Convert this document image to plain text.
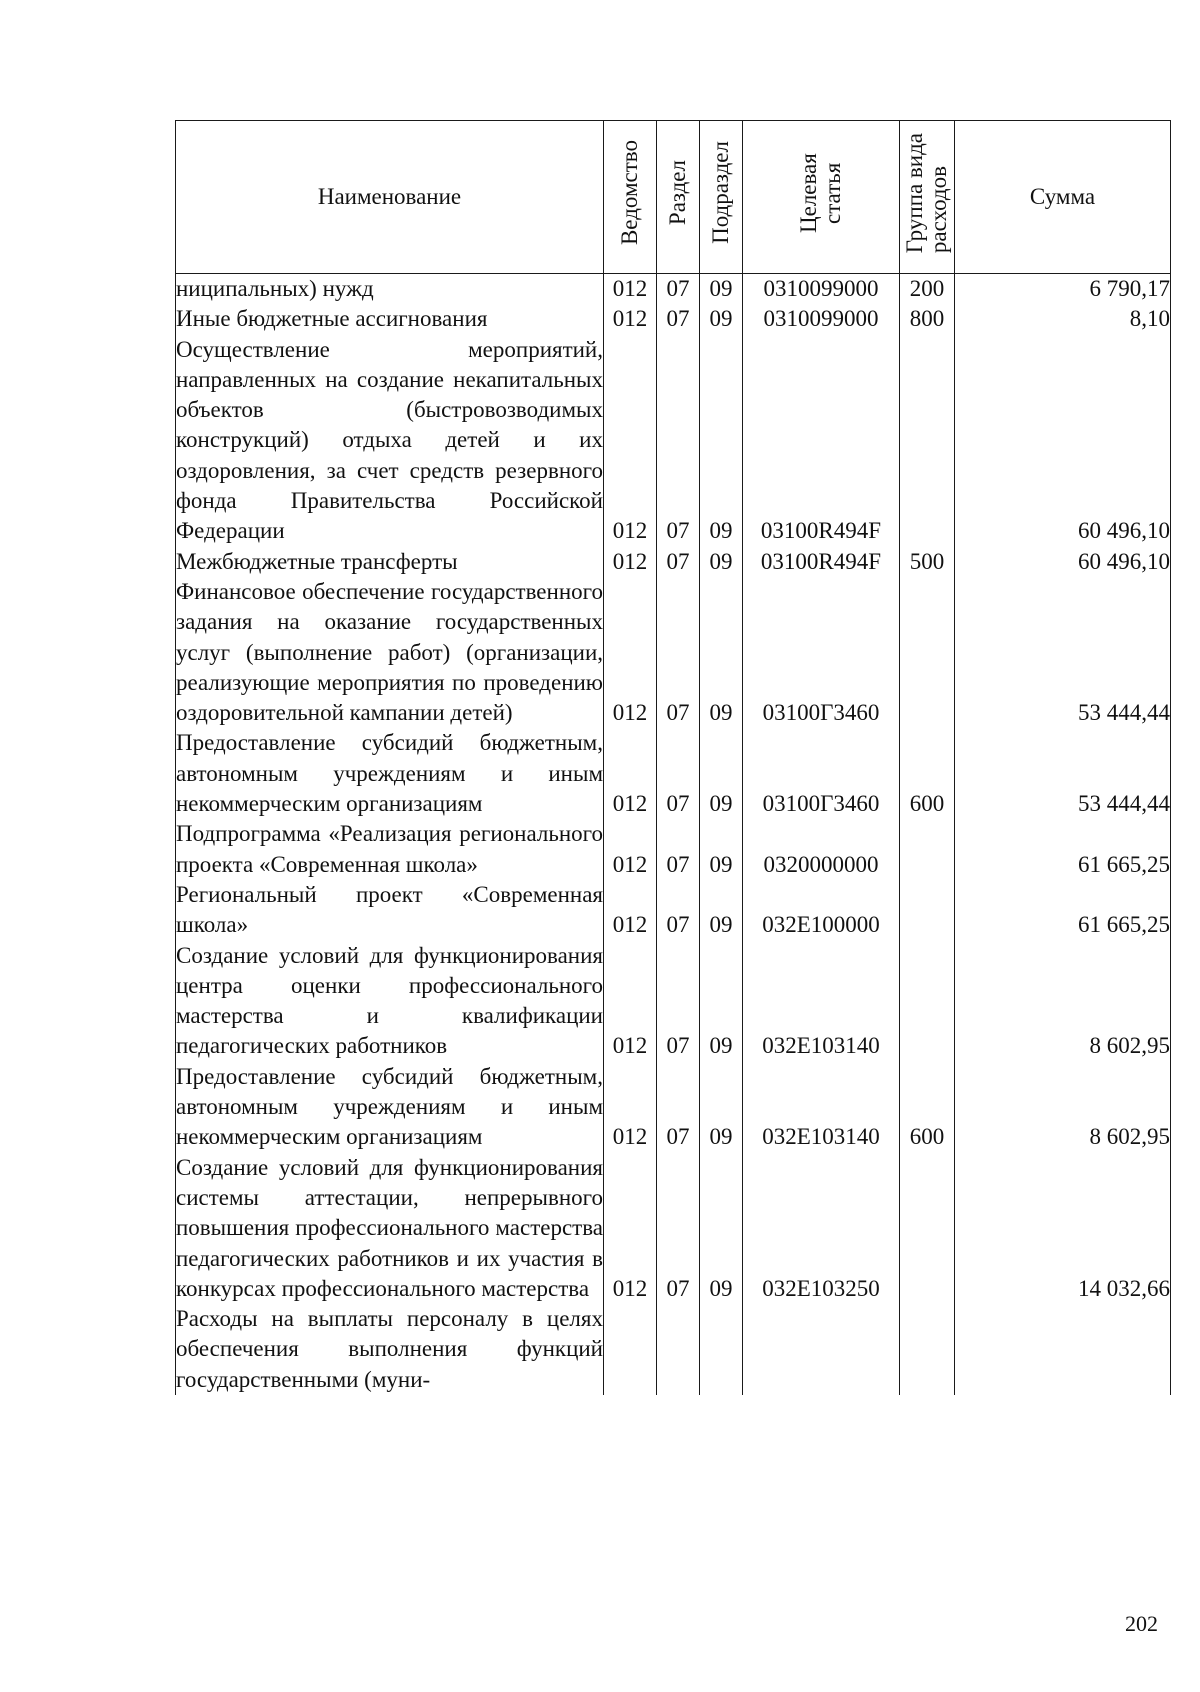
Наименование	Ведомство	Раздел	Подраздел	Целевая статья	Группа видарасходов	Сумма
ниципальных) нужд	012	07	09	0310099000	200	6 790,17
Иные бюджетные ассигнования	012	07	09	0310099000	800	8,10
Осуществление мероприятий, направленных на создание некапитальных объектов (быстровозводимых конструкций) отдыха детей и их оздоровления, за счет средств резервного фонда Правительства Российской Федерации	012	07	09	03100R494F		60 496,10
Межбюджетные трансферты	012	07	09	03100R494F	500	60 496,10
Финансовое обеспечение государственного задания на оказание государственных услуг (выполнение работ) (организации, реализующие мероприятия по проведению оздоровительной кампании детей)	012	07	09	03100Г3460		53 444,44
Предоставление субсидий бюджетным, автономным учреждениям и иным некоммерческим организациям	012	07	09	03100Г3460	600	53 444,44
Подпрограмма «Реализация регионального проекта «Современная школа»	012	07	09	0320000000		61 665,25
Региональный проект «Современная школа»	012	07	09	032E100000		61 665,25
Создание условий для функционирования центра оценки профессионального мастерства и квалификации педагогических работников	012	07	09	032E103140		8 602,95
Предоставление субсидий бюджетным, автономным учреждениям и иным некоммерческим организациям	012	07	09	032E103140	600	8 602,95
Создание условий для функционирования системы аттестации, непрерывного повышения профессионального мастерства педагогических работников и их участия в конкурсах профессионального мастерства	012	07	09	032E103250		14 032,66
Расходы на выплаты персоналу в целях обеспечения выполнения функций государственными (муни-						
202
